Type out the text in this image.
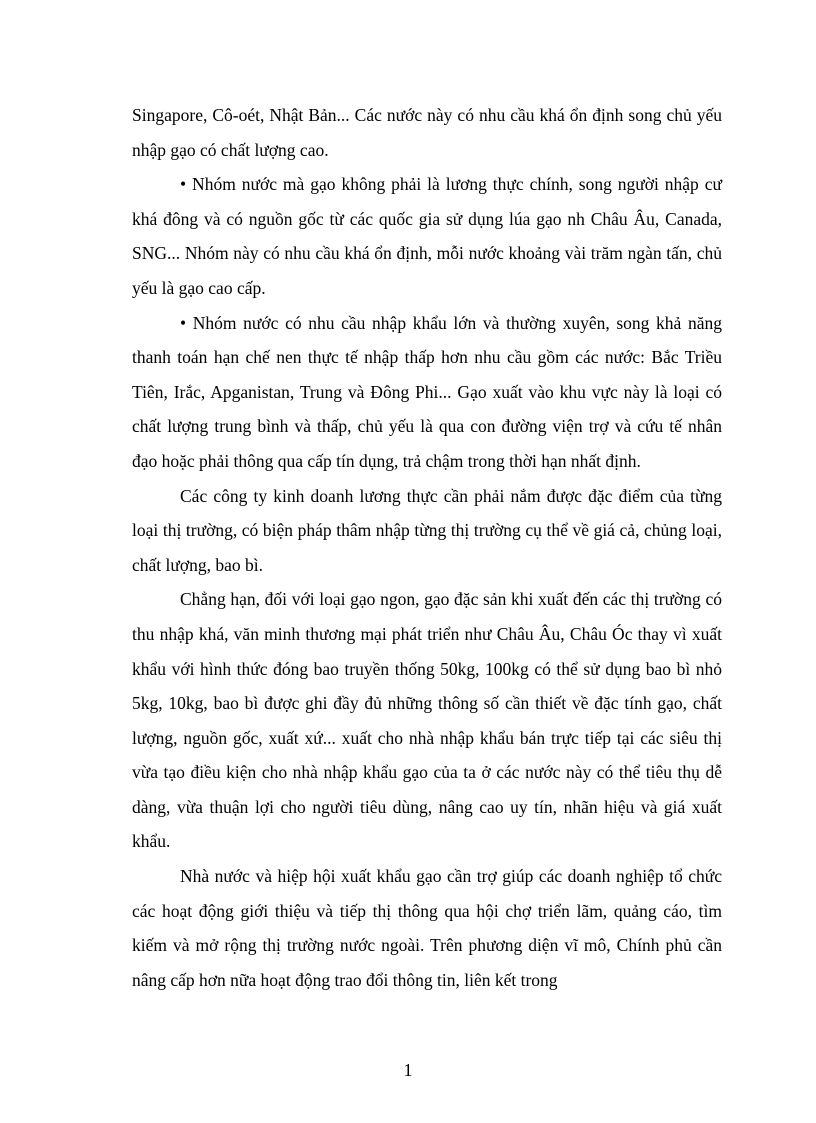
Singapore, Cô-oét, Nhật Bản... Các nước này có nhu cầu khá ổn định song chủ yếu nhập gạo có chất lượng cao.

• Nhóm nước mà gạo không phải là lương thực chính, song người nhập cư khá đông và có nguồn gốc từ các quốc gia sử dụng lúa gạo nh Châu Âu, Canada, SNG... Nhóm này có nhu cầu khá ổn định, mỗi nước khoảng vài trăm ngàn tấn, chủ yếu là gạo cao cấp.

• Nhóm nước có nhu cầu nhập khẩu lớn và thường xuyên, song khả năng thanh toán hạn chế nen thực tế nhập thấp hơn nhu cầu gồm các nước: Bắc Triều Tiên, Irắc, Apganistan, Trung và Đông Phi... Gạo xuất vào khu vực này là loại có chất lượng trung bình và thấp, chủ yếu là qua con đường viện trợ và cứu tế nhân đạo hoặc phải thông qua cấp tín dụng, trả chậm trong thời hạn nhất định.

Các công ty kinh doanh lương thực cần phải nắm được đặc điểm của từng loại thị trường, có biện pháp thâm nhập từng thị trường cụ thể về giá cả, chủng loại, chất lượng, bao bì.

Chẳng hạn, đối với loại gạo ngon, gạo đặc sản khi xuất đến các thị trường có thu nhập khá, văn minh thương mại phát triển như Châu Âu, Châu Óc thay vì xuất khẩu với hình thức đóng bao truyền thống 50kg, 100kg có thể sử dụng bao bì nhỏ 5kg, 10kg, bao bì được ghi đầy đủ những thông số cần thiết về đặc tính gạo, chất lượng, nguồn gốc, xuất xứ... xuất cho nhà nhập khẩu bán trực tiếp tại các siêu thị vừa tạo điều kiện cho nhà nhập khẩu gạo của ta ở các nước này có thể tiêu thụ dễ dàng, vừa thuận lợi cho người tiêu dùng, nâng cao uy tín, nhãn hiệu và giá xuất khẩu.

Nhà nước và hiệp hội xuất khẩu gạo cần trợ giúp các doanh nghiệp tổ chức các hoạt động giới thiệu và tiếp thị thông qua hội chợ triển lãm, quảng cáo, tìm kiếm và mở rộng thị trường nước ngoài. Trên phương diện vĩ mô, Chính phủ cần nâng cấp hơn nữa hoạt động trao đổi thông tin, liên kết trong

1
